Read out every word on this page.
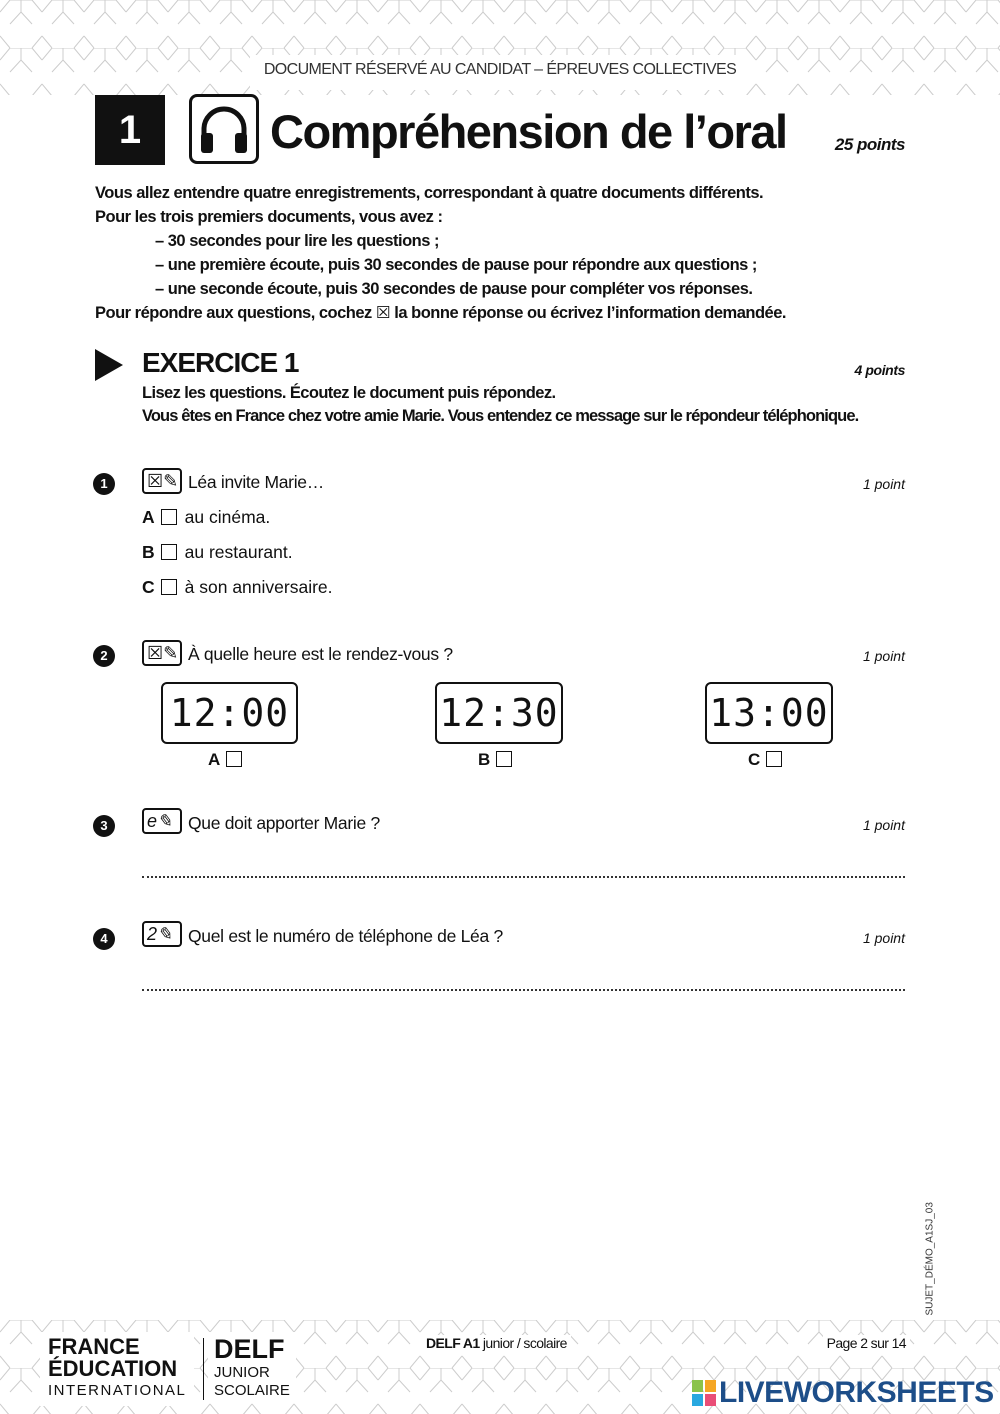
DOCUMENT RÉSERVÉ AU CANDIDAT – ÉPREUVES COLLECTIVES
1	Compréhension de l’oral	25 points
Vous allez entendre quatre enregistrements, correspondant à quatre documents différents.
Pour les trois premiers documents, vous avez :
– 30 secondes pour lire les questions ;
– une première écoute, puis 30 secondes de pause pour répondre aux questions ;
– une seconde écoute, puis 30 secondes de pause pour compléter vos réponses.
Pour répondre aux questions, cochez ☒ la bonne réponse ou écrivez l’information demandée.
EXERCICE 1	4 points
Lisez les questions. Écoutez le document puis répondez.
Vous êtes en France chez votre amie Marie. Vous entendez ce message sur le répondeur téléphonique.
1	☒✎ Léa invite Marie…	1 point
A au cinéma.
B au restaurant.
C à son anniversaire.
2	☒✎ À quelle heure est le rendez-vous ?	1 point
12:00	12:30	13:00
A	B	C
3	e✎ Que doit apporter Marie ?	1 point
4	2✎ Quel est le numéro de téléphone de Léa ?	1 point
SUJET_DÉMO_A1SJ_03
FRANCE
ÉDUCATION
INTERNATIONAL
DELF
JUNIOR
SCOLAIRE
DELF A1 junior / scolaire	Page 2 sur 14
LIVEWORKSHEETS
